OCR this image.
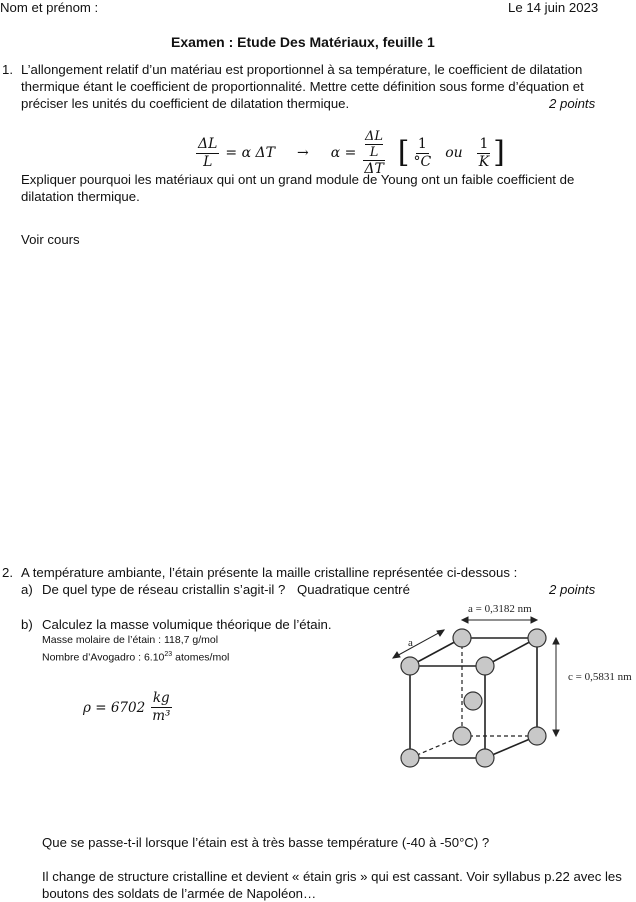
Nom et prénom :	Le 14 juin 2023
Examen : Etude Des Matériaux, feuille 1
1. L’allongement relatif d’un matériau est proportionnel à sa température, le coefficient de dilatation
thermique étant le coefficient de proportionnalité. Mettre cette définition sous forme d’équation et
préciser les unités du coefficient de dilatation thermique.	2 points
$\frac{\Delta L}{L} = \alpha$ ΔT → α = ΔL
L
ΔT [ $\frac{1}{^\circ C}$ ou $\frac{1}{K}$ ]
Expliquer pourquoi les matériaux qui ont un grand module de Young ont un faible coefficient de
dilatation thermique.
Voir cours
2. A température ambiante, l’étain présente la maille cristalline représentée ci-dessous :
a) De quel type de réseau cristallin s’agit-il ? Quadratique centré	2 points
b) Calculez la masse volumique théorique de l’étain.
Masse molaire de l’étain : 118,7 g/mol
Nombre d’Avogadro : 6.10$^{23}$ atomes/mol
$\rho = 6702 \frac{kg}{\text{m³}}$
a = 0,3182 nm
a
c = 0,5831 nm
Que se passe-t-il lorsque l’étain est à très basse température (-40 à -50°C) ?
Il change de structure cristalline et devient « étain gris » qui est cassant. Voir syllabus p.22 avec les
boutons des soldats de l’armée de Napoléon…
